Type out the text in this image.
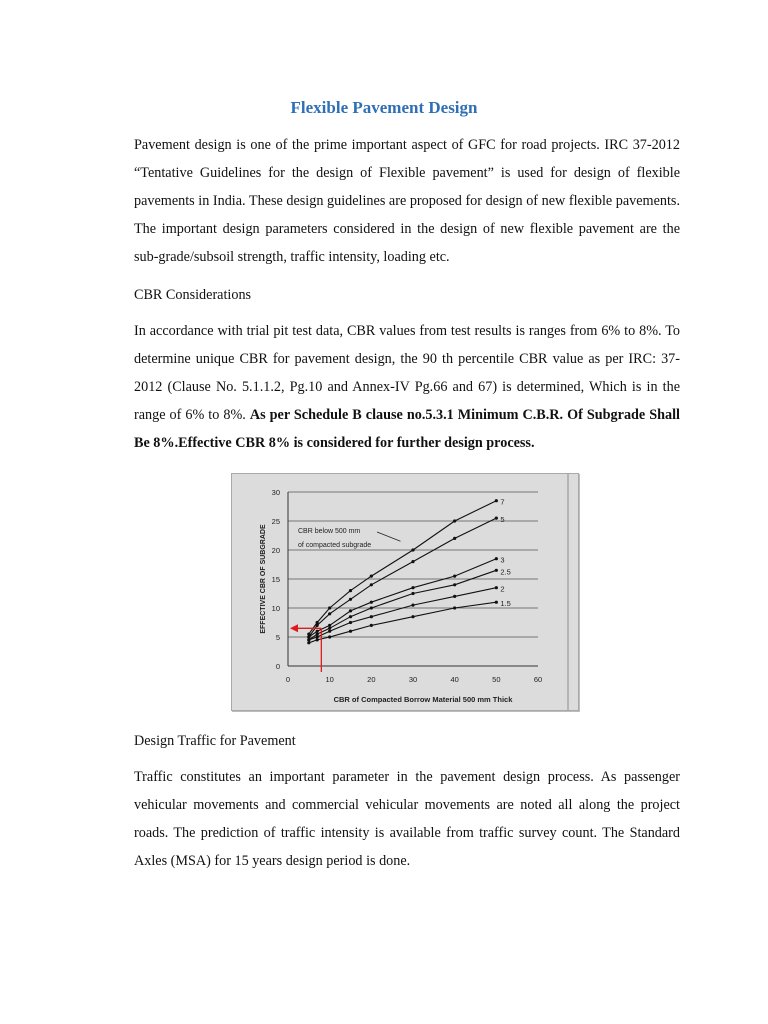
Flexible Pavement Design

Pavement design is one of the prime important aspect of GFC for road projects. IRC 37-2012 “Tentative Guidelines for the design of Flexible pavement” is used for design of flexible pavements in India. These design guidelines are proposed for design of new flexible pavements. The important design parameters considered in the design of new flexible pavement are the sub-grade/subsoil strength, traffic intensity, loading etc.

CBR Considerations

In accordance with trial pit test data, CBR values from test results is ranges from 6% to 8%. To determine unique CBR for pavement design, the 90 th percentile CBR value as per IRC: 37-2012 (Clause No. 5.1.1.2, Pg.10 and Annex-IV Pg.66 and 67) is determined, Which is in the range of 6% to 8%. As per Schedule B clause no.5.3.1 Minimum C.B.R. Of Subgrade Shall Be 8%.Effective CBR 8% is considered for further design process.

0
5
10
15
20
25
30
0	10	20	30	40	50	60
7
5
3
2.5
2
1.5
EFFECTIVE CBR OF SUBGRADE
CBR of Compacted Borrow Material 500 mm Thick
CBR below 500 mm
of compacted subgrade

Design Traffic for Pavement

Traffic constitutes an important parameter in the pavement design process. As passenger vehicular movements and commercial vehicular movements are noted all along the project roads. The prediction of traffic intensity is available from traffic survey count. The Standard Axles (MSA) for 15 years design period is done.
